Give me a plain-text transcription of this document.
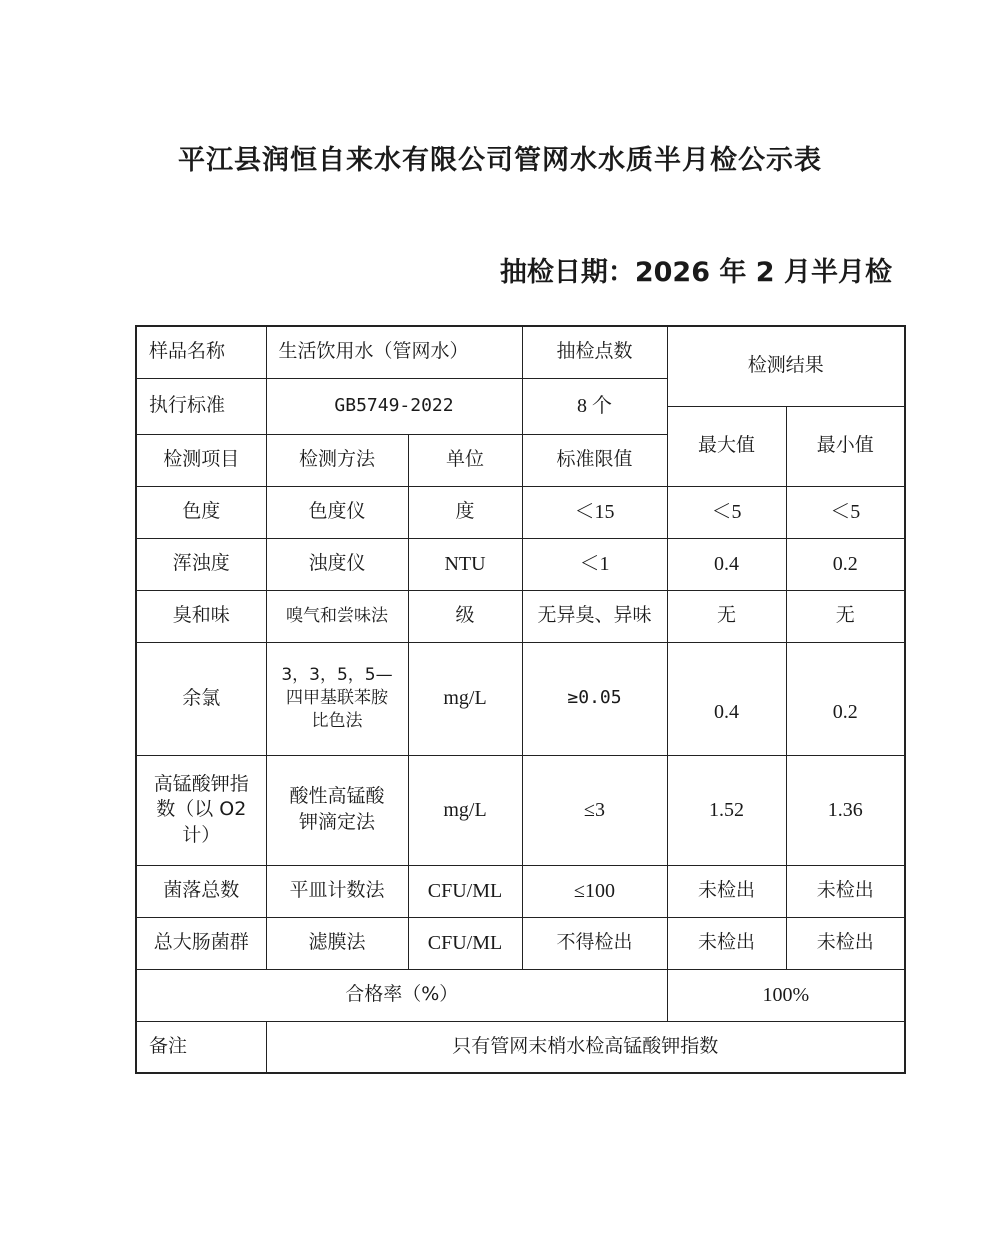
平江县润恒自来水有限公司管网水水质半月检公示表
抽检日期：2026 年 2 月半月检
样品名称	生活饮用水（管网水）		抽检点数	检测结果	
执行标准	GB5749-2022		8 个		
				最大值	最小值
检测项目	检测方法	单位	标准限值		
色度	色度仪	度	＜15	＜5	＜5
浑浊度	浊度仪	NTU	＜1	0.4	0.2
臭和味	嗅气和尝味法	级	无异臭、异味	无	无
余氯	3，3，5，5—
四甲基联苯胺
比色法	mg/L	≥0.05	0.4	0.2

高锰酸钾指
数（以 O2
计）	酸性高锰酸
钾滴定法	mg/L	≤3	1.52	1.36
菌落总数	平皿计数法	CFU/ML	≤100	未检出	未检出
总大肠菌群	滤膜法	CFU/ML	不得检出	未检出	未检出
合格率（%）				100%	
备注	只有管网末梢水检高锰酸钾指数				
